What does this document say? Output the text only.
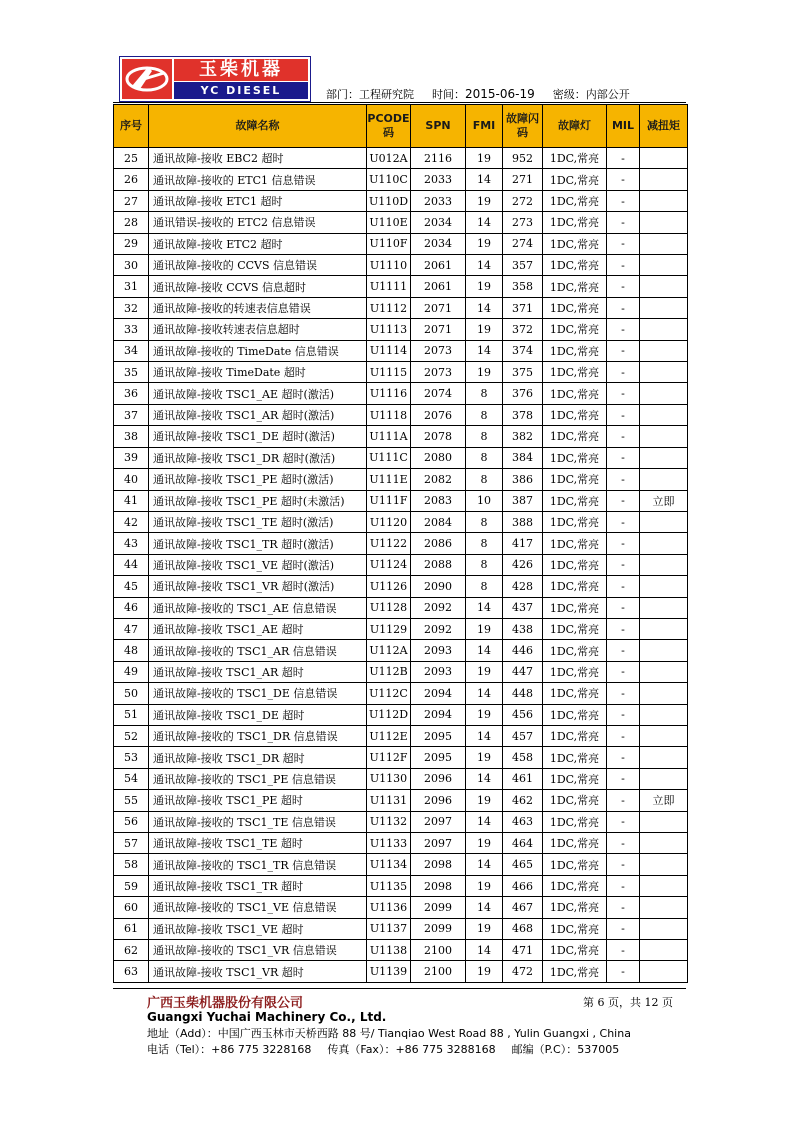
玉柴机器
YC DIESEL	部门：工程研究院 时间：2015-06-19 密级：内部公开
序号	故障名称	PCODE码	SPN	FMI	故障闪码	故障灯	MIL	减扭矩
25	通讯故障-接收 EBC2 超时	U012A	2116	19	952	1DC,常亮	-	
26	通讯故障-接收的 ETC1 信息错误	U110C	2033	14	271	1DC,常亮	-	
27	通讯故障-接收 ETC1 超时	U110D	2033	19	272	1DC,常亮	-	
28	通讯错误-接收的 ETC2 信息错误	U110E	2034	14	273	1DC,常亮	-	
29	通讯故障-接收 ETC2 超时	U110F	2034	19	274	1DC,常亮	-	
30	通讯故障-接收的 CCVS 信息错误	U1110	2061	14	357	1DC,常亮	-	
31	通讯故障-接收 CCVS 信息超时	U1111	2061	19	358	1DC,常亮	-	
32	通讯故障-接收的转速表信息错误	U1112	2071	14	371	1DC,常亮	-	
33	通讯故障-接收转速表信息超时	U1113	2071	19	372	1DC,常亮	-	
34	通讯故障-接收的 TimeDate 信息错误	U1114	2073	14	374	1DC,常亮	-	
35	通讯故障-接收 TimeDate 超时	U1115	2073	19	375	1DC,常亮	-	
36	通讯故障-接收 TSC1_AE 超时(激活)	U1116	2074	8	376	1DC,常亮	-	
37	通讯故障-接收 TSC1_AR 超时(激活)	U1118	2076	8	378	1DC,常亮	-	
38	通讯故障-接收 TSC1_DE 超时(激活)	U111A	2078	8	382	1DC,常亮	-	
39	通讯故障-接收 TSC1_DR 超时(激活)	U111C	2080	8	384	1DC,常亮	-	
40	通讯故障-接收 TSC1_PE 超时(激活)	U111E	2082	8	386	1DC,常亮	-	
41	通讯故障-接收 TSC1_PE 超时(未激活)	U111F	2083	10	387	1DC,常亮	-	立即
42	通讯故障-接收 TSC1_TE 超时(激活)	U1120	2084	8	388	1DC,常亮	-	
43	通讯故障-接收 TSC1_TR 超时(激活)	U1122	2086	8	417	1DC,常亮	-	
44	通讯故障-接收 TSC1_VE 超时(激活)	U1124	2088	8	426	1DC,常亮	-	
45	通讯故障-接收 TSC1_VR 超时(激活)	U1126	2090	8	428	1DC,常亮	-	
46	通讯故障-接收的 TSC1_AE 信息错误	U1128	2092	14	437	1DC,常亮	-	
47	通讯故障-接收 TSC1_AE 超时	U1129	2092	19	438	1DC,常亮	-	
48	通讯故障-接收的 TSC1_AR 信息错误	U112A	2093	14	446	1DC,常亮	-	
49	通讯故障-接收 TSC1_AR 超时	U112B	2093	19	447	1DC,常亮	-	
50	通讯故障-接收的 TSC1_DE 信息错误	U112C	2094	14	448	1DC,常亮	-	
51	通讯故障-接收 TSC1_DE 超时	U112D	2094	19	456	1DC,常亮	-	
52	通讯故障-接收的 TSC1_DR 信息错误	U112E	2095	14	457	1DC,常亮	-	
53	通讯故障-接收 TSC1_DR 超时	U112F	2095	19	458	1DC,常亮	-	
54	通讯故障-接收的 TSC1_PE 信息错误	U1130	2096	14	461	1DC,常亮	-	
55	通讯故障-接收 TSC1_PE 超时	U1131	2096	19	462	1DC,常亮	-	立即
56	通讯故障-接收的 TSC1_TE 信息错误	U1132	2097	14	463	1DC,常亮	-	
57	通讯故障-接收 TSC1_TE 超时	U1133	2097	19	464	1DC,常亮	-	
58	通讯故障-接收的 TSC1_TR 信息错误	U1134	2098	14	465	1DC,常亮	-	
59	通讯故障-接收 TSC1_TR 超时	U1135	2098	19	466	1DC,常亮	-	
60	通讯故障-接收的 TSC1_VE 信息错误	U1136	2099	14	467	1DC,常亮	-	
61	通讯故障-接收 TSC1_VE 超时	U1137	2099	19	468	1DC,常亮	-	
62	通讯故障-接收的 TSC1_VR 信息错误	U1138	2100	14	471	1DC,常亮	-	
63	通讯故障-接收 TSC1_VR 超时	U1139	2100	19	472	1DC,常亮	-	
广西玉柴机器股份有限公司	第 6 页，共 12 页
Guangxi Yuchai Machinery Co., Ltd.
地址（Add）：中国广西玉林市天桥西路 88 号/ Tianqiao West Road 88 , Yulin Guangxi , China
电话（Tel）：+86 775 3228168 传真（Fax）：+86 775 3288168 邮编（P.C）：537005
